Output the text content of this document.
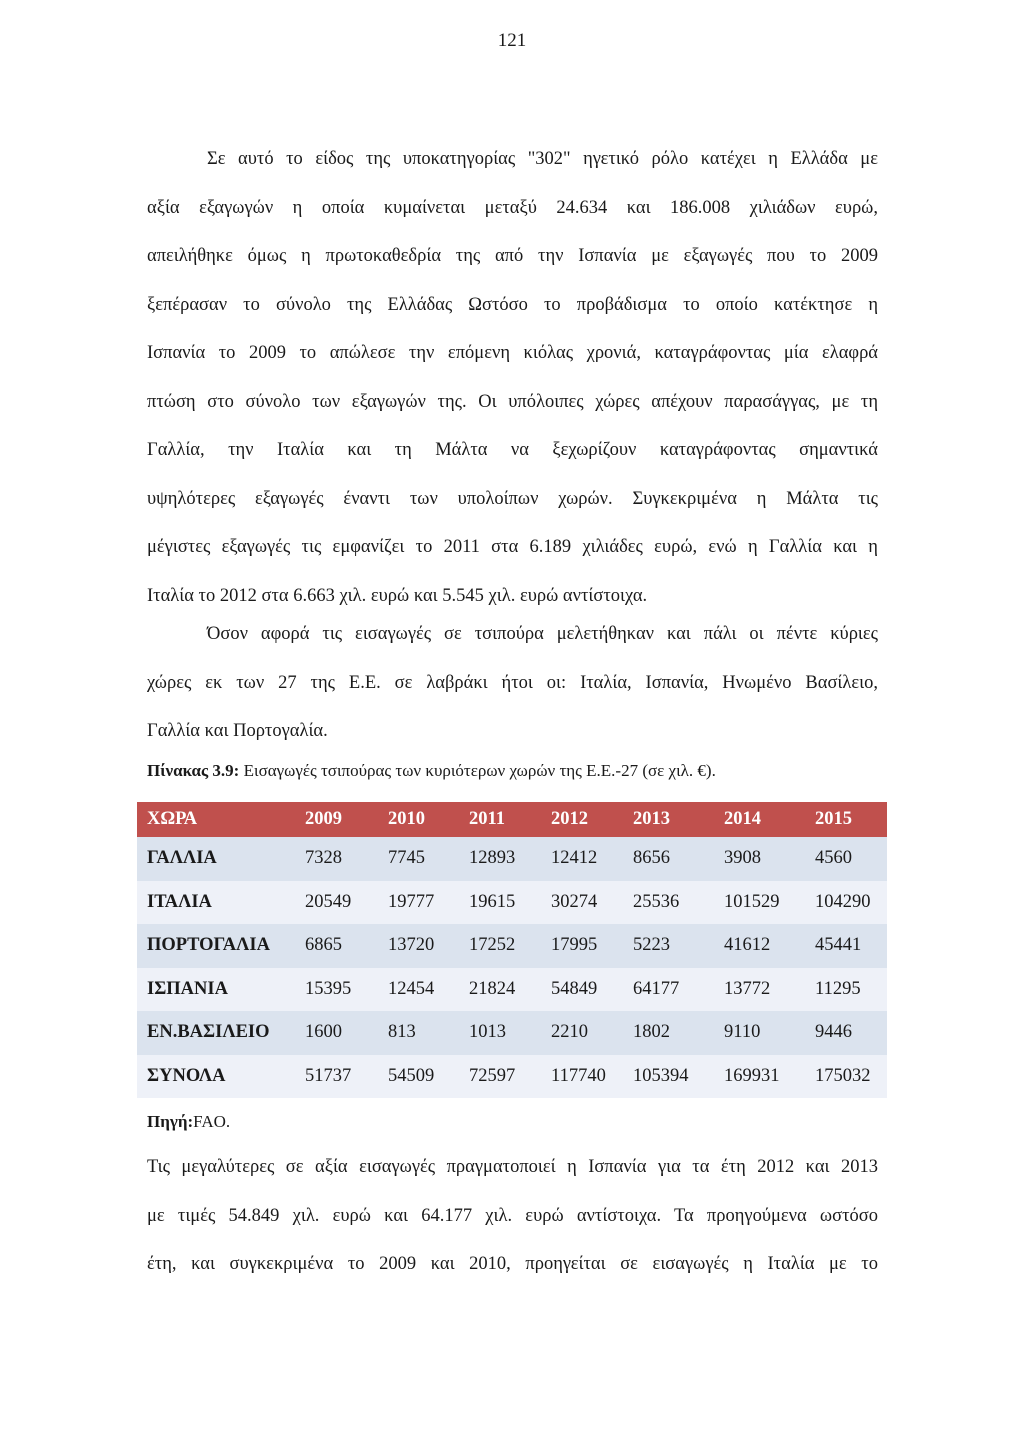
121
Σε αυτό το είδος της υποκατηγορίας "302" ηγετικό ρόλο κατέχει η Ελλάδα με
αξία εξαγωγών η οποία κυμαίνεται μεταξύ 24.634 και 186.008 χιλιάδων ευρώ,
απειλήθηκε όμως η πρωτοκαθεδρία της από την Ισπανία με εξαγωγές που το 2009
ξεπέρασαν το σύνολο της Ελλάδας Ωστόσο το προβάδισμα το οποίο κατέκτησε η
Ισπανία το 2009 το απώλεσε την επόμενη κιόλας χρονιά, καταγράφοντας μία ελαφρά
πτώση στο σύνολο των εξαγωγών της. Οι υπόλοιπες χώρες απέχουν παρασάγγας, με τη
Γαλλία, την Ιταλία και τη Μάλτα να ξεχωρίζουν καταγράφοντας σημαντικά
υψηλότερες εξαγωγές έναντι των υπολοίπων χωρών. Συγκεκριμένα η Μάλτα τις
μέγιστες εξαγωγές τις εμφανίζει το 2011 στα 6.189 χιλιάδες ευρώ, ενώ η Γαλλία και η
Ιταλία το 2012 στα 6.663 χιλ. ευρώ και 5.545 χιλ. ευρώ αντίστοιχα.
Όσον αφορά τις εισαγωγές σε τσιπούρα μελετήθηκαν και πάλι οι πέντε κύριες
χώρες εκ των 27 της Ε.Ε. σε λαβράκι ήτοι οι: Ιταλία, Ισπανία, Ηνωμένο Βασίλειο,
Γαλλία και Πορτογαλία.
Πίνακας 3.9: Εισαγωγές τσιπούρας των κυριότερων χωρών της Ε.Ε.-27 (σε χιλ. €).
ΧΩΡΑ	2009	2010	2011	2012	2013	2014	2015
ΓΑΛΛΙΑ	7328	7745	12893	12412	8656	3908	4560
ΙΤΑΛΙΑ	20549	19777	19615	30274	25536	101529	104290
ΠΟΡΤΟΓΑΛΙΑ	6865	13720	17252	17995	5223	41612	45441
ΙΣΠΑΝΙΑ	15395	12454	21824	54849	64177	13772	11295
ΕΝ.ΒΑΣΙΛΕΙΟ	1600	813	1013	2210	1802	9110	9446
ΣΥΝΟΛΑ	51737	54509	72597	117740	105394	169931	175032
Πηγή:FAO.
Τις μεγαλύτερες σε αξία εισαγωγές πραγματοποιεί η Ισπανία για τα έτη 2012 και 2013
με τιμές 54.849 χιλ. ευρώ και 64.177 χιλ. ευρώ αντίστοιχα. Τα προηγούμενα ωστόσο
έτη, και συγκεκριμένα το 2009 και 2010, προηγείται σε εισαγωγές η Ιταλία με το
